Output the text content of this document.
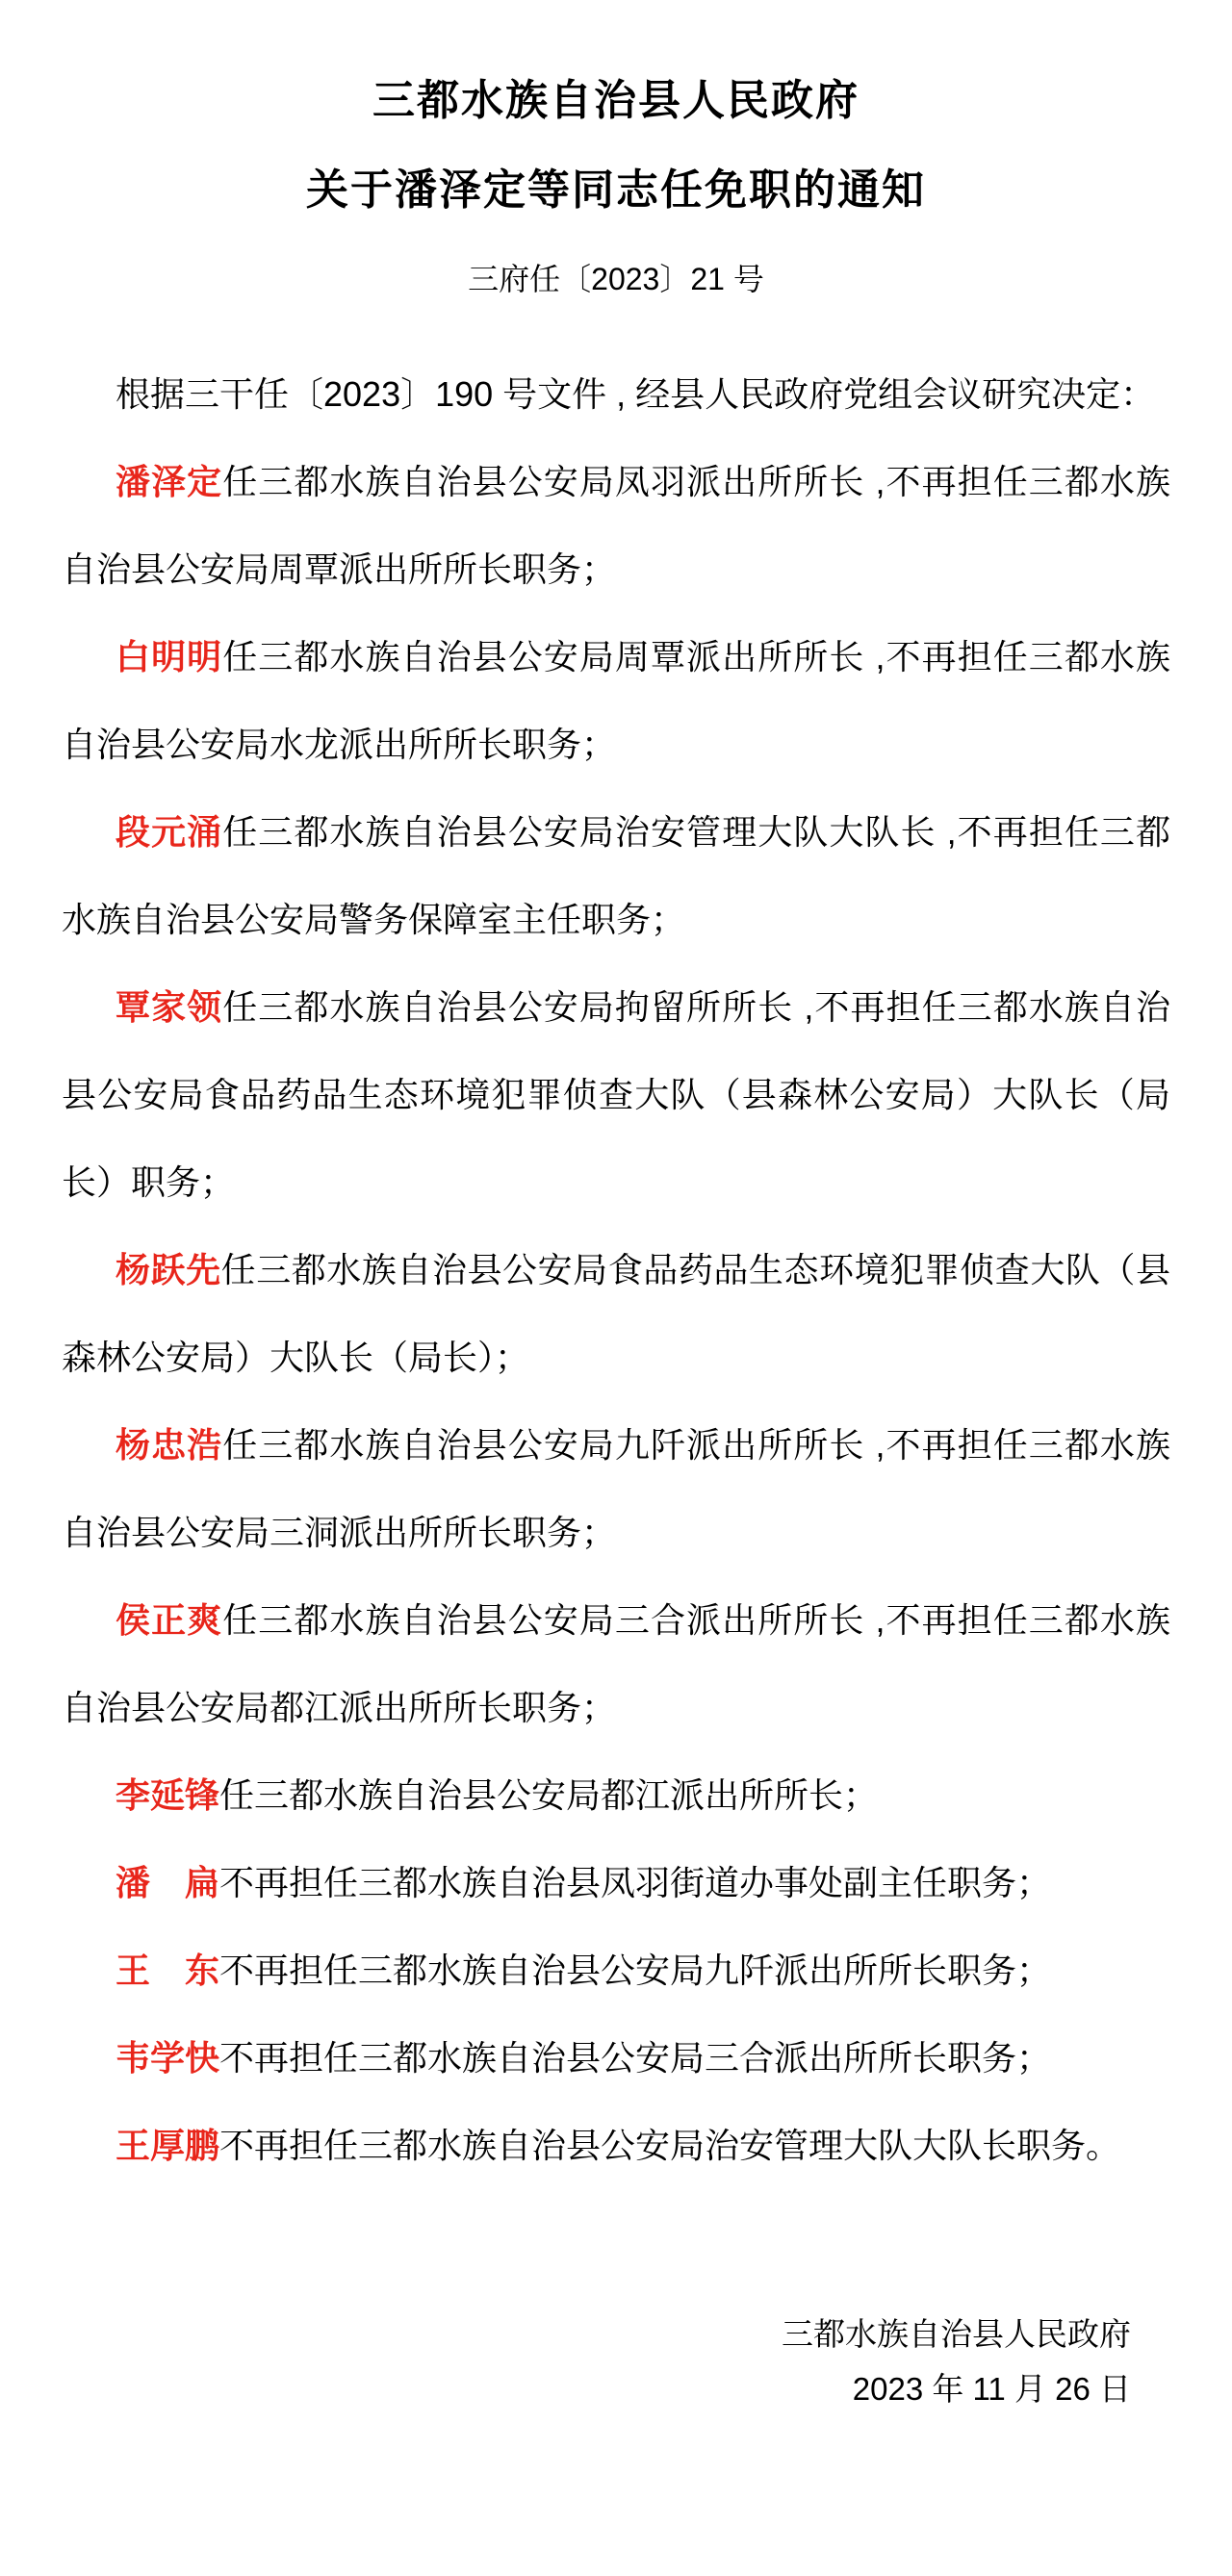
三都水族自治县人民政府
关于潘泽定等同志任免职的通知

三府任〔2023〕21 号

根据三干任〔2023〕190 号文件 , 经县人民政府党组会议研究决定：

潘泽定任三都水族自治县公安局凤羽派出所所长 ,不再担任三都水族自治县公安局周覃派出所所长职务；

白明明任三都水族自治县公安局周覃派出所所长 ,不再担任三都水族自治县公安局水龙派出所所长职务；

段元涌任三都水族自治县公安局治安管理大队大队长 ,不再担任三都水族自治县公安局警务保障室主任职务；

覃家领任三都水族自治县公安局拘留所所长 ,不再担任三都水族自治县公安局食品药品生态环境犯罪侦查大队（县森林公安局）大队长（局长）职务；

杨跃先任三都水族自治县公安局食品药品生态环境犯罪侦查大队（县森林公安局）大队长（局长）；

杨忠浩任三都水族自治县公安局九阡派出所所长 ,不再担任三都水族自治县公安局三洞派出所所长职务；

侯正爽任三都水族自治县公安局三合派出所所长 ,不再担任三都水族自治县公安局都江派出所所长职务；

李延锋任三都水族自治县公安局都江派出所所长；

潘　扁不再担任三都水族自治县凤羽街道办事处副主任职务；

王　东不再担任三都水族自治县公安局九阡派出所所长职务；

韦学快不再担任三都水族自治县公安局三合派出所所长职务；

王厚鹏不再担任三都水族自治县公安局治安管理大队大队长职务。

三都水族自治县人民政府

2023 年 11 月 26 日
